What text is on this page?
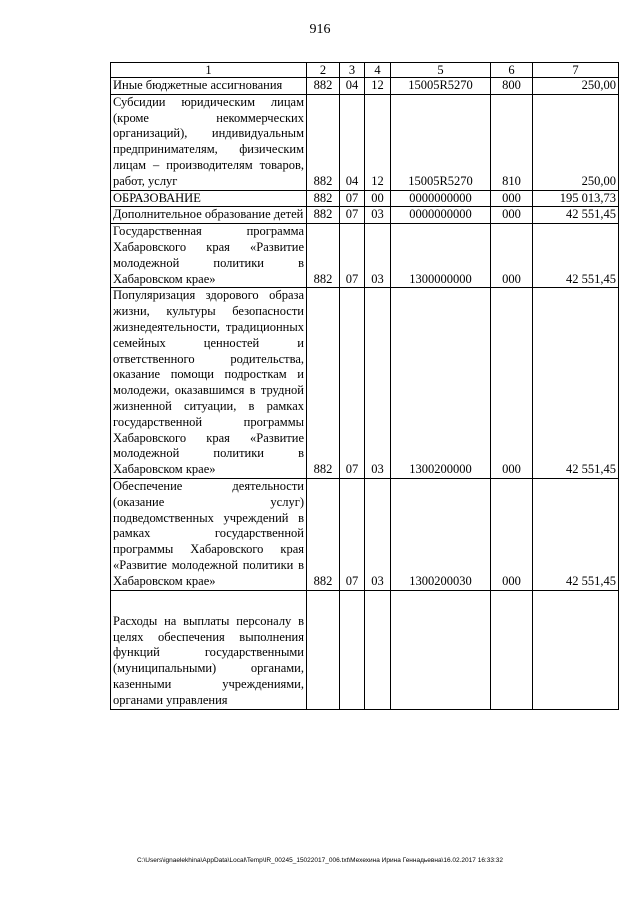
916
1	2	3	4	5	6	7
Иные бюджетные ассигнования	882	04	12	15005R5270	800	250,00
Субсидии юридическим лицам (кроме некоммерческих организаций), индивидуальным предпринимателям, физическим лицам – производителям товаров, работ, услуг	882	04	12	15005R5270	810	250,00
ОБРАЗОВАНИЕ	882	07	00	0000000000	000	195 013,73
Дополнительное образование детей	882	07	03	0000000000	000	42 551,45
Государственная программа Хабаровского края «Развитие молодежной политики в Хабаровском крае»	882	07	03	1300000000	000	42 551,45
Популяризация здорового образа жизни, культуры безопасности жизнедеятельности, традиционных семейных ценностей и ответственного родительства, оказание помощи подросткам и молодежи, оказавшимся в трудной жизненной ситуации, в рамках государственной программы Хабаровского края «Развитие молодежной политики в Хабаровском крае»	882	07	03	1300200000	000	42 551,45
Обеспечение деятельности (оказание услуг) подведомственных учреждений в рамках государственной программы Хабаровского края «Развитие молодежной политики в Хабаровском крае»	882	07	03	1300200030	000	42 551,45
Расходы на выплаты персоналу в целях обеспечения выполнения функций государственными (муниципальными) органами, казенными учреждениями, органами управления						
C:\Users\ignaelekhina\AppData\Local\Temp\IR_00245_15022017_006.txt\Мехехина Ирина Геннадьевна\16.02.2017 16:33:32
